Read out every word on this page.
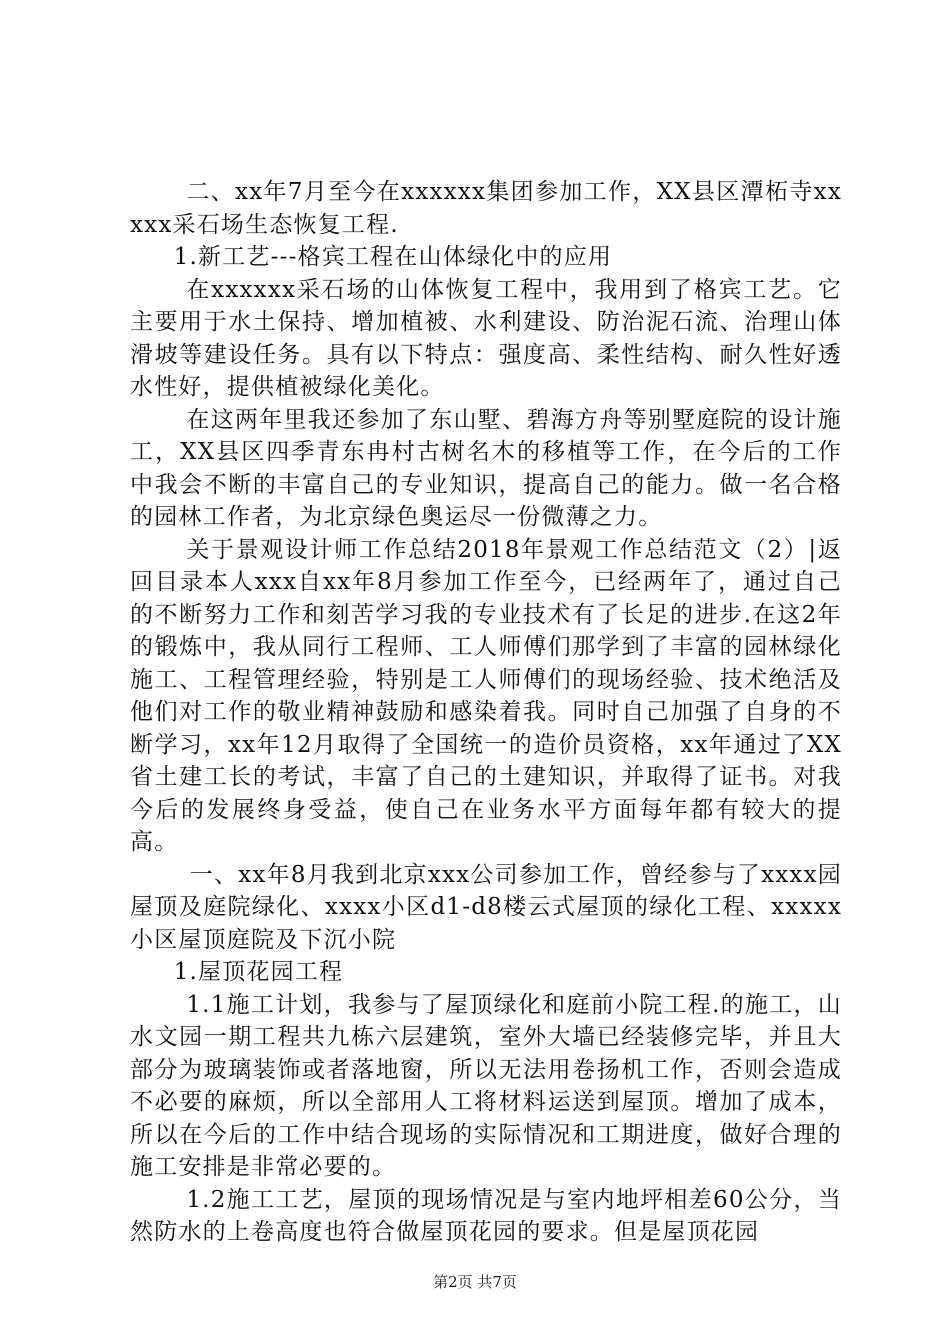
二、xx年7月至今在xxxxxx集团参加工作，XX县区潭柘寺xxxxx采石场生态恢复工程.

1.新工艺---格宾工程在山体绿化中的应用

在xxxxxx采石场的山体恢复工程中，我用到了格宾工艺。它主要用于水土保持、增加植被、水利建设、防治泥石流、治理山体滑坡等建设任务。具有以下特点：强度高、柔性结构、耐久性好透水性好，提供植被绿化美化。

在这两年里我还参加了东山墅、碧海方舟等别墅庭院的设计施工，XX县区四季青东冉村古树名木的移植等工作，在今后的工作中我会不断的丰富自己的专业知识，提高自己的能力。做一名合格的园林工作者，为北京绿色奥运尽一份微薄之力。

关于景观设计师工作总结2018年景观工作总结范文（2）|返回目录本人xxx自xx年8月参加工作至今，已经两年了，通过自己的不断努力工作和刻苦学习我的专业技术有了长足的进步.在这2年的锻炼中，我从同行工程师、工人师傅们那学到了丰富的园林绿化施工、工程管理经验，特别是工人师傅们的现场经验、技术绝活及他们对工作的敬业精神鼓励和感染着我。同时自己加强了自身的不断学习，xx年12月取得了全国统一的造价员资格，xx年通过了XX省土建工长的考试，丰富了自己的土建知识，并取得了证书。对我今后的发展终身受益，使自己在业务水平方面每年都有较大的提高。

一、xx年8月我到北京xxx公司参加工作，曾经参与了xxxx园屋顶及庭院绿化、xxxx小区d1-d8楼云式屋顶的绿化工程、xxxxx小区屋顶庭院及下沉小院

1.屋顶花园工程

1.1施工计划，我参与了屋顶绿化和庭前小院工程.的施工，山水文园一期工程共九栋六层建筑，室外大墙已经装修完毕，并且大部分为玻璃装饰或者落地窗，所以无法用卷扬机工作，否则会造成不必要的麻烦，所以全部用人工将材料运送到屋顶。增加了成本，所以在今后的工作中结合现场的实际情况和工期进度，做好合理的施工安排是非常必要的。

1.2施工工艺，屋顶的现场情况是与室内地坪相差60公分，当然防水的上卷高度也符合做屋顶花园的要求。但是屋顶花园

第2页 共7页
